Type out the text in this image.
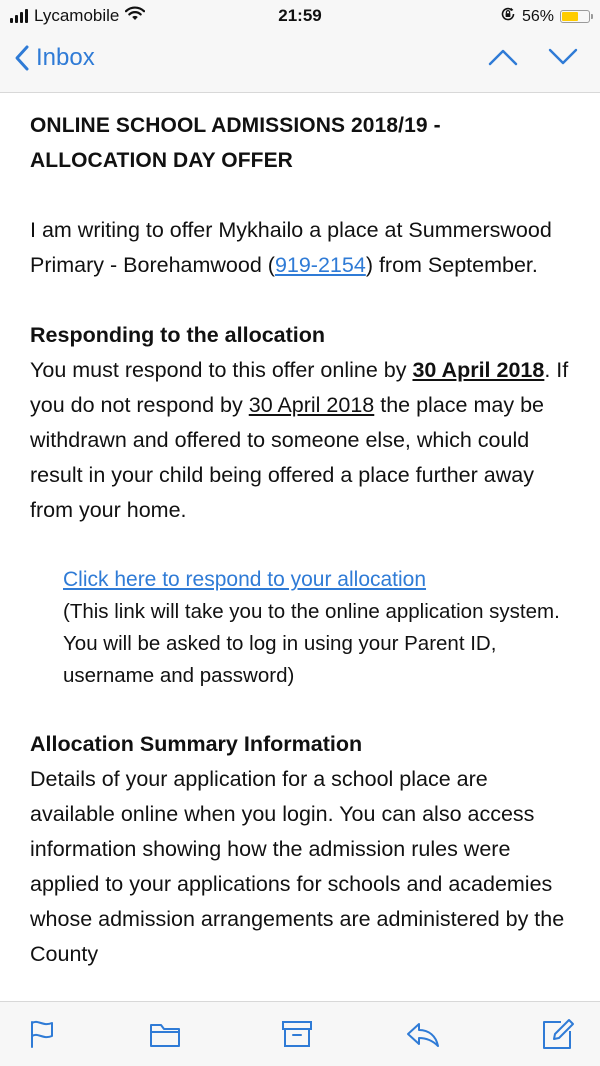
Lycamobile	21:59	56%
Inbox

ONLINE SCHOOL ADMISSIONS 2018/19 -
ALLOCATION DAY OFFER

I am writing to offer Mykhailo a place at Summerswood Primary - Borehamwood (919-2154) from September.

Responding to the allocation

You must respond to this offer online by 30 April 2018. If you do not respond by 30 April 2018 the place may be withdrawn and offered to someone else, which could result in your child being offered a place further away from your home.

Click here to respond to your allocation

(This link will take you to the online application system. You will be asked to log in using your Parent ID, username and password)

Allocation Summary Information

Details of your application for a school place are available online when you login. You can also access information showing how the admission rules were applied to your applications for schools and academies whose admission arrangements are administered by the County
